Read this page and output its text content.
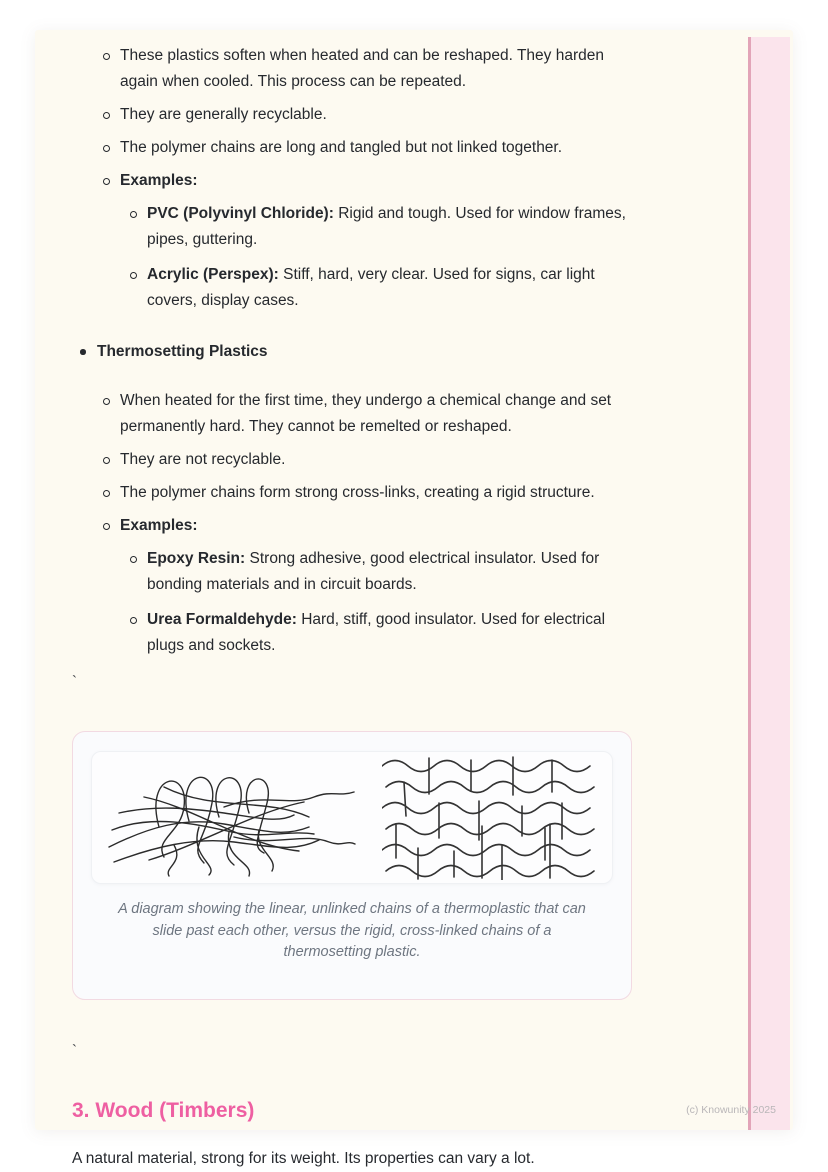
These plastics soften when heated and can be reshaped. They harden again when cooled. This process can be repeated.
They are generally recyclable.
The polymer chains are long and tangled but not linked together.
Examples:
PVC (Polyvinyl Chloride): Rigid and tough. Used for window frames, pipes, guttering.
Acrylic (Perspex): Stiff, hard, very clear. Used for signs, car light covers, display cases.
Thermosetting Plastics
When heated for the first time, they undergo a chemical change and set permanently hard. They cannot be remelted or reshaped.
They are not recyclable.
The polymer chains form strong cross-links, creating a rigid structure.
Examples:
Epoxy Resin: Strong adhesive, good electrical insulator. Used for bonding materials and in circuit boards.
Urea Formaldehyde: Hard, stiff, good insulator. Used for electrical plugs and sockets.
`
A diagram showing the linear, unlinked chains of a thermoplastic that can slide past each other, versus the rigid, cross-linked chains of a thermosetting plastic.
`
3. Wood (Timbers)
A natural material, strong for its weight. Its properties can vary a lot.
(c) Knowunity 2025
